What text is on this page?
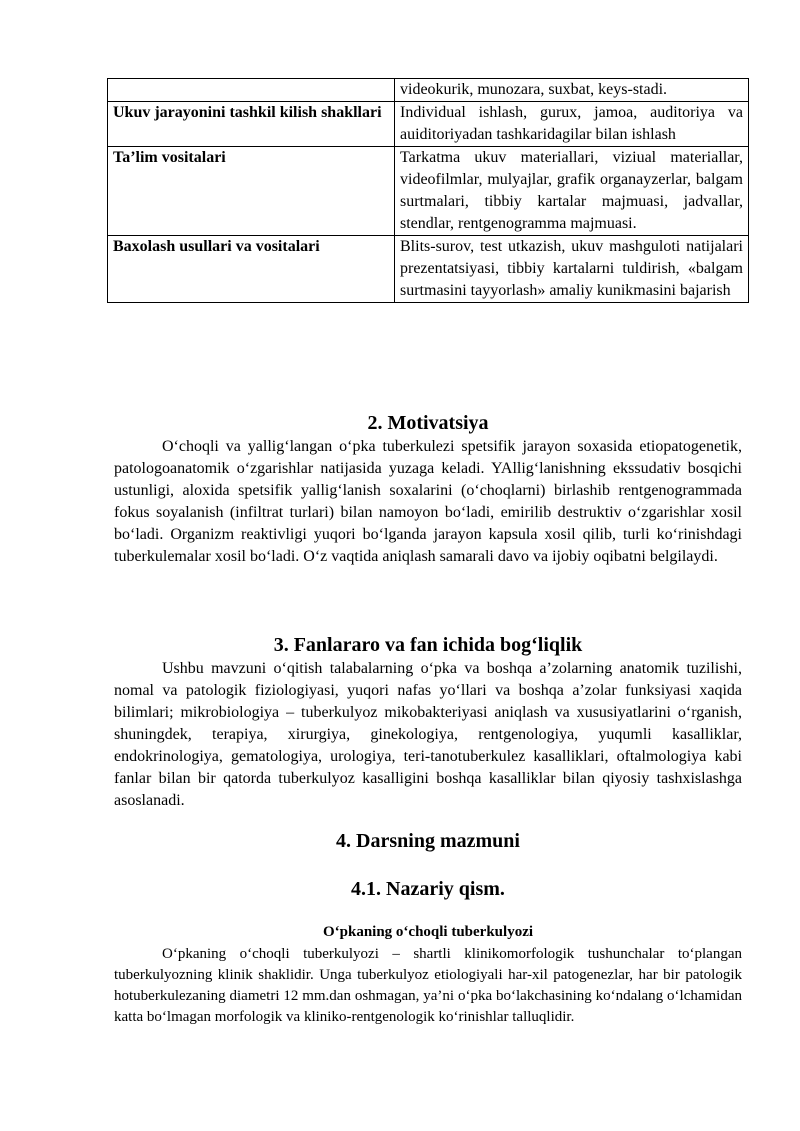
	videokurik, munozara, suxbat, keys-stadi.
Ukuv jarayonini tashkil kilish shakllari	Individual ishlash, gurux, jamoa, auditoriya va auiditoriyadan tashkaridagilar bilan ishlash
Ta’lim vositalari	Tarkatma ukuv materiallari, viziual materiallar, videofilmlar, mulyajlar, grafik organayzerlar, balgam surtmalari, tibbiy kartalar majmuasi, jadvallar, stendlar, rentgenogramma majmuasi.
Baxolash usullari va vositalari	Blits-surov, test utkazish, ukuv mashguloti natijalari prezentatsiyasi, tibbiy kartalarni tuldirish, «balgam surtmasini tayyorlash» amaliy kunikmasini bajarish
2. Motivatsiya

O‘choqli va yallig‘langan o‘pka tuberkulezi spetsifik jarayon soxasida etiopatogenetik, patologoanatomik o‘zgarishlar natijasida yuzaga keladi. YAllig‘lanishning ekssudativ bosqichi ustunligi, aloxida spetsifik yallig‘lanish soxalarini (o‘choqlarni) birlashib rentgenogrammada fokus soyalanish (infiltrat turlari) bilan namoyon bo‘ladi, emirilib destruktiv o‘zgarishlar xosil bo‘ladi. Organizm reaktivligi yuqori bo‘lganda jarayon kapsula xosil qilib, turli ko‘rinishdagi tuberkulemalar xosil bo‘ladi. O‘z vaqtida aniqlash samarali davo va ijobiy oqibatni belgilaydi.

3. Fanlararo va fan ichida bog‘liqlik

Ushbu mavzuni o‘qitish talabalarning o‘pka va boshqa a’zolarning anatomik tuzilishi, nomal va patologik fiziologiyasi, yuqori nafas yo‘llari va boshqa a’zolar funksiyasi xaqida bilimlari; mikrobiologiya – tuberkulyoz mikobakteriyasi aniqlash va xususiyatlarini o‘rganish, shuningdek, terapiya, xirurgiya, ginekologiya, rentgenologiya, yuqumli kasalliklar, endokrinologiya, gematologiya, urologiya, teri-tanotuberkulez kasalliklari, oftalmologiya kabi fanlar bilan bir qatorda tuberkulyoz kasalligini boshqa kasalliklar bilan qiyosiy tashxislashga asoslanadi.

4. Darsning mazmuni
4.1. Nazariy qism.
O‘pkaning o‘choqli tuberkulyozi

O‘pkaning o‘choqli tuberkulyozi – shartli klinikomorfologik tushunchalar to‘plangan tuberkulyozning klinik shaklidir. Unga tuberkulyoz etiologiyali har-xil patogenezlar, har bir patologik hotuberkulezaning diametri 12 mm.dan oshmagan, ya’ni o‘pka bo‘lakchasining ko‘ndalang o‘lchamidan katta bo‘lmagan morfologik va kliniko-rentgenologik ko‘rinishlar talluqlidir.
